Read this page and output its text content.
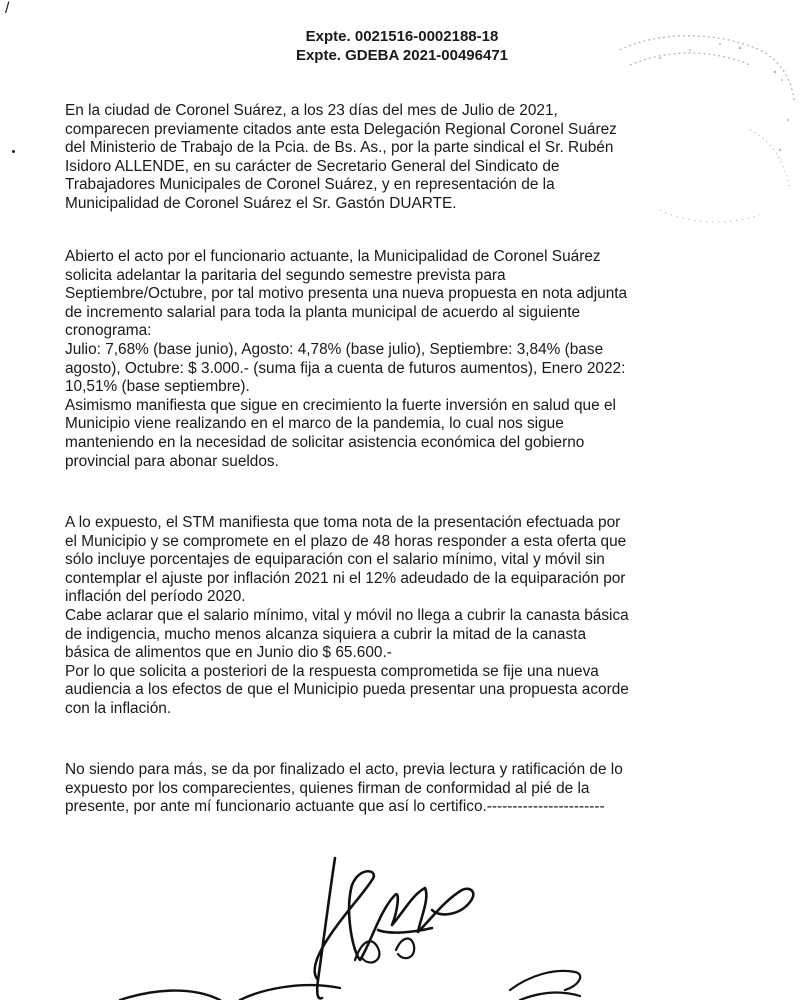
/
Expte. 0021516-0002188-18
Expte. GDEBA 2021-00496471
En la ciudad de Coronel Suárez, a los 23 días del mes de Julio de 2021,
comparecen previamente citados ante esta Delegación Regional Coronel Suárez
del Ministerio de Trabajo de la Pcia. de Bs. As., por la parte sindical el Sr. Rubén
Isidoro ALLENDE, en su carácter de Secretario General del Sindicato de
Trabajadores Municipales de Coronel Suárez, y en representación de la
Municipalidad de Coronel Suárez el Sr. Gastón DUARTE.
Abierto el acto por el funcionario actuante, la Municipalidad de Coronel Suárez
solicita adelantar la paritaria del segundo semestre prevista para
Septiembre/Octubre, por tal motivo presenta una nueva propuesta en nota adjunta
de incremento salarial para toda la planta municipal de acuerdo al siguiente
cronograma:
Julio: 7,68% (base junio), Agosto: 4,78% (base julio), Septiembre: 3,84% (base
agosto), Octubre: $ 3.000.- (suma fija a cuenta de futuros aumentos), Enero 2022:
10,51% (base septiembre).
Asimismo manifiesta que sigue en crecimiento la fuerte inversión en salud que el
Municipio viene realizando en el marco de la pandemia, lo cual nos sigue
manteniendo en la necesidad de solicitar asistencia económica del gobierno
provincial para abonar sueldos.
A lo expuesto, el STM manifiesta que toma nota de la presentación efectuada por
el Municipio y se compromete en el plazo de 48 horas responder a esta oferta que
sólo incluye porcentajes de equiparación con el salario mínimo, vital y móvil sin
contemplar el ajuste por inflación 2021 ni el 12% adeudado de la equiparación por
inflación del período 2020.
Cabe aclarar que el salario mínimo, vital y móvil no llega a cubrir la canasta básica
de indigencia, mucho menos alcanza siquiera a cubrir la mitad de la canasta
básica de alimentos que en Junio dio $ 65.600.-
Por lo que solicita a posteriori de la respuesta comprometida se fije una nueva
audiencia a los efectos de que el Municipio pueda presentar una propuesta acorde
con la inflación.
No siendo para más, se da por finalizado el acto, previa lectura y ratificación de lo
expuesto por los comparecientes, quienes firman de conformidad al pié de la
presente, por ante mí funcionario actuante que así lo certifico.-----------------------
